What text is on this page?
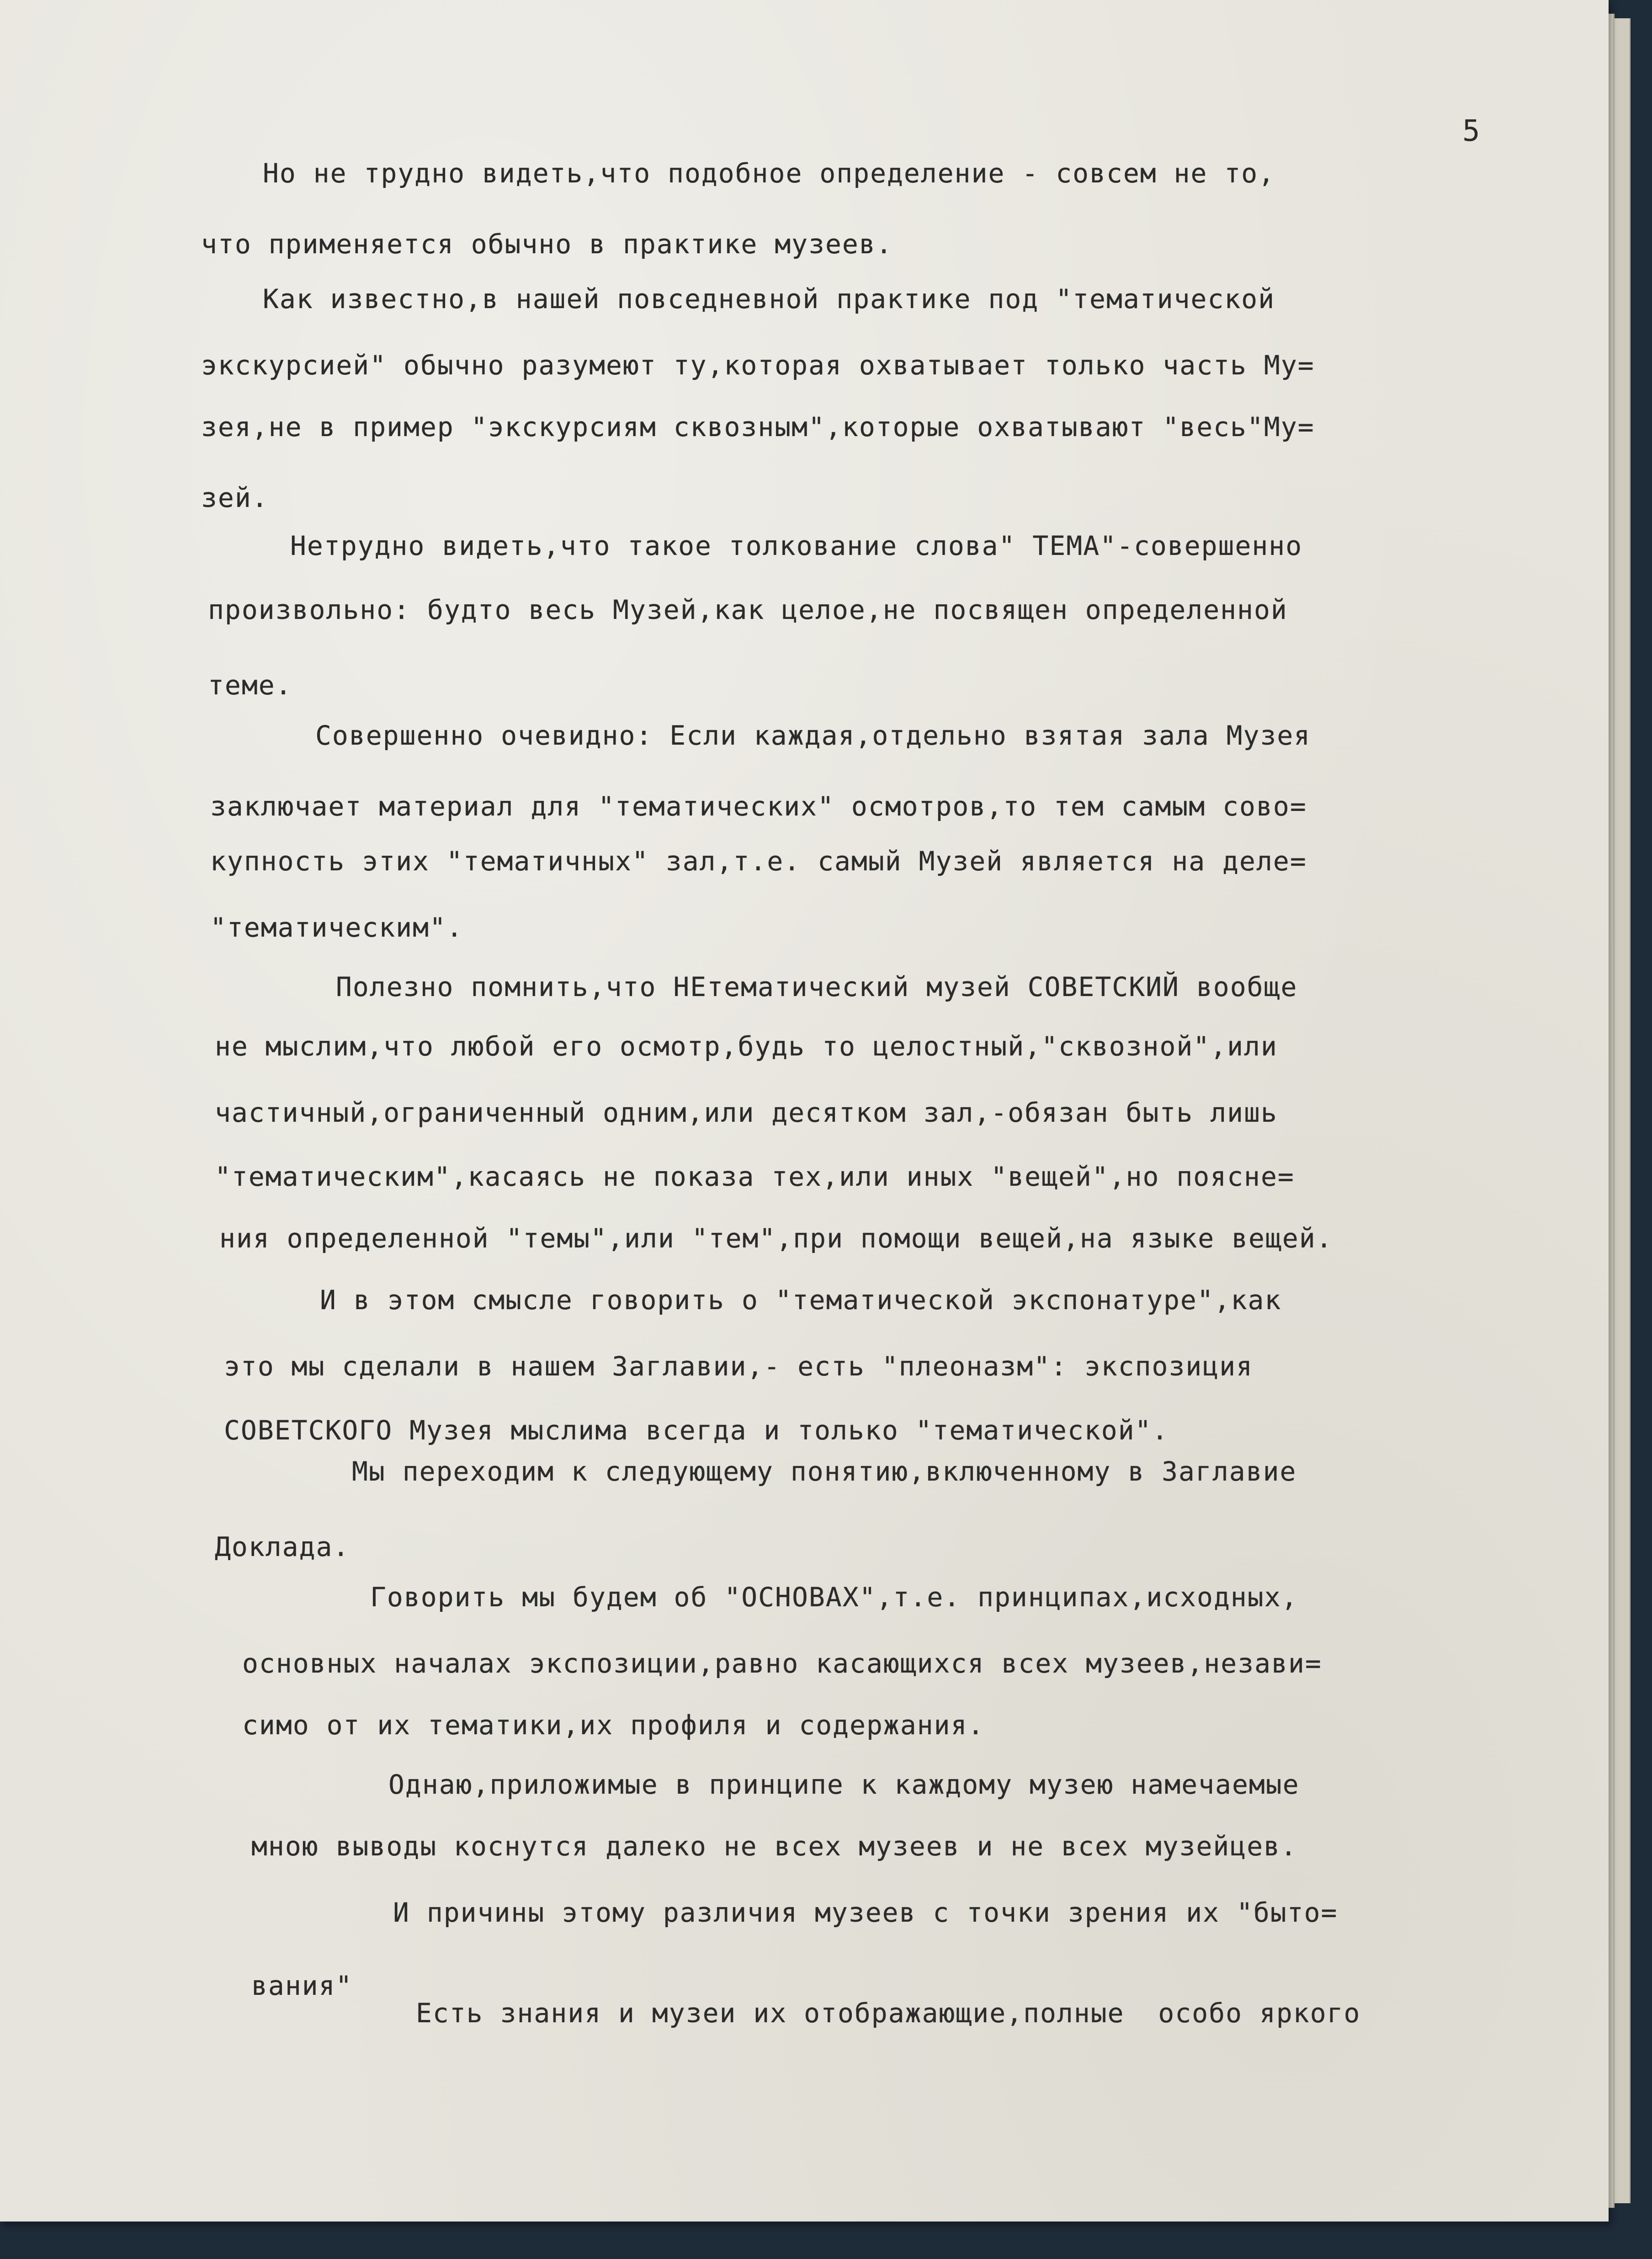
5
Но не трудно видеть,что подобное определение - совсем не то,
что применяется обычно в практике музеев.
Как известно,в нашей повседневной практике под "тематической
экскурсией" обычно разумеют ту,которая охватывает только часть Му=
зея,не в пример "экскурсиям сквозным",которые охватывают "весь"Му=
зей.
Нетрудно видеть,что такое толкование слова" ТЕМА"-совершенно
произвольно: будто весь Музей,как целое,не посвящен определенной
теме.
Совершенно очевидно: Если каждая,отдельно взятая зала Музея
заключает материал для "тематических" осмотров,то тем самым сово=
купность этих "тематичных" зал,т.е. самый Музей является на деле=
"тематическим".
Полезно помнить,что НЕтематический музей СОВЕТСКИЙ вообще
не мыслим,что любой его осмотр,будь то целостный,"сквозной",или
частичный,ограниченный одним,или десятком зал,-обязан быть лишь
"тематическим",касаясь не показа тех,или иных "вещей",но поясне=
ния определенной "темы",или "тем",при помощи вещей,на языке вещей.
И в этом смысле говорить о "тематической экспонатуре",как
это мы сделали в нашем Заглавии,- есть "плеоназм": экспозиция
СОВЕТСКОГО Музея мыслима всегда и только "тематической".
Мы переходим к следующему понятию,включенному в Заглавие
Доклада.
Говорить мы будем об "ОСНОВАХ",т.е. принципах,исходных,
основных началах экспозиции,равно касающихся всех музеев,незави=
симо от их тематики,их профиля и содержания.
Однаю,приложимые в принципе к каждому музею намечаемые
мною выводы коснутся далеко не всех музеев и не всех музейцев.
И причины этому различия музеев с точки зрения их "быто=
вания"
Есть знания и музеи их отображающие,полные  особо яркого
